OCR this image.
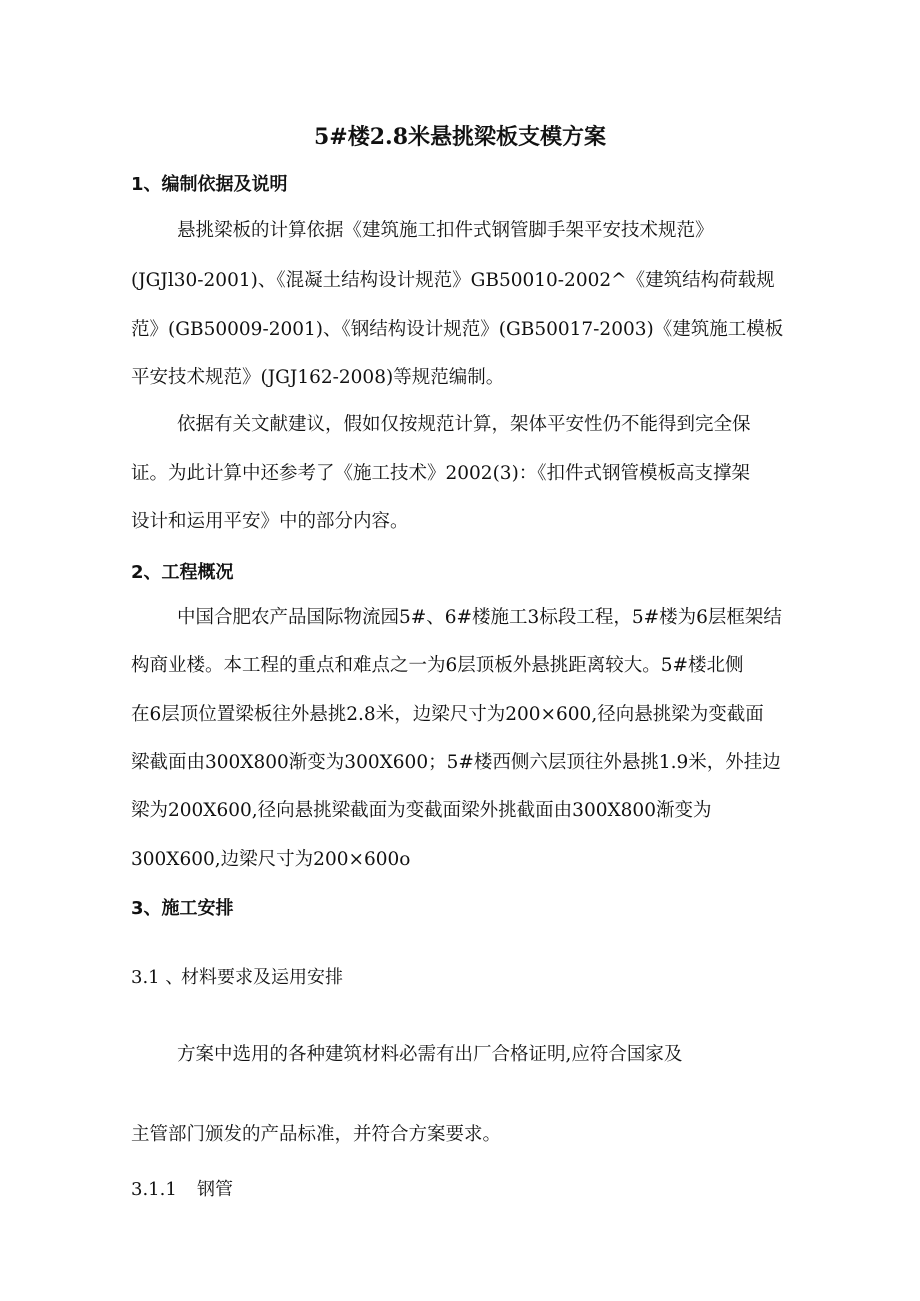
5#楼2.8米悬挑梁板支模方案
1、编制依据及说明

悬挑梁板的计算依据《建筑施工扣件式钢管脚手架平安技术规范》

(JGJl30-2001)、《混凝土结构设计规范》GB50010-2002^《建筑结构荷载规

范》(GB50009-2001)、《钢结构设计规范》(GB50017-2003)《建筑施工模板

平安技术规范》(JGJ162-2008)等规范编制。

依据有关文献建议，假如仅按规范计算，架体平安性仍不能得到完全保

证。为此计算中还参考了《施工技术》2002(3)：《扣件式钢管模板高支撑架

设计和运用平安》中的部分内容。

2、工程概况

中国合肥农产品国际物流园5#、6#楼施工3标段工程，5#楼为6层框架结

构商业楼。本工程的重点和难点之一为6层顶板外悬挑距离较大。5#楼北侧

在6层顶位置梁板往外悬挑2.8米，边梁尺寸为200×600,径向悬挑梁为变截面

梁截面由300X800渐变为300X600；5#楼西侧六层顶往外悬挑1.9米，外挂边

梁为200X600,径向悬挑梁截面为变截面梁外挑截面由300X800渐变为

300X600,边梁尺寸为200×600o

3、施工安排
3.1 、
材料要求及运用安排

方案中选用的各种建筑材料必需有出厂合格证明,应符合国家及

主管部门颁发的产品标准，并符合方案要求。

3.1.1 钢管
